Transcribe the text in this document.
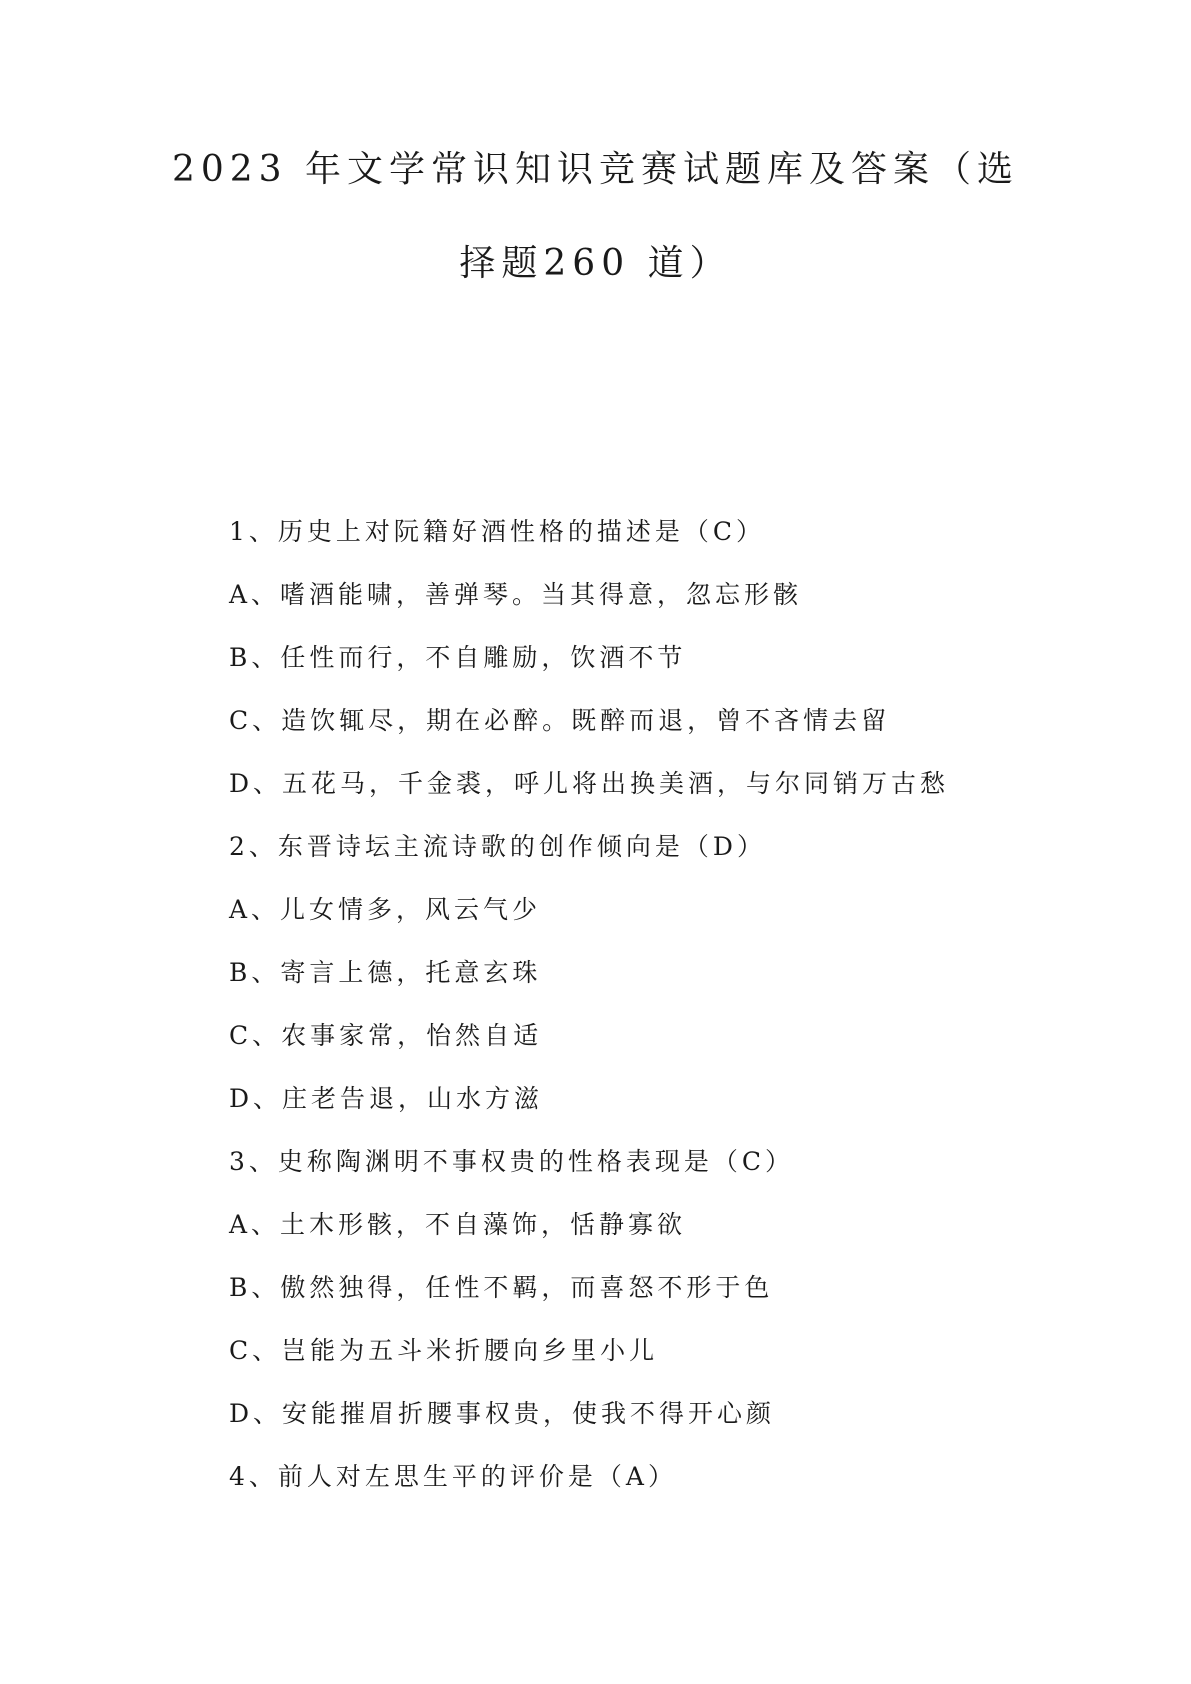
2023 年文学常识知识竞赛试题库及答案（选
择题260 道）
1、历史上对阮籍好酒性格的描述是（C）
A、嗜酒能啸，善弹琴。当其得意，忽忘形骸
B、任性而行，不自雕励，饮酒不节
C、造饮辄尽，期在必醉。既醉而退，曾不吝情去留
D、五花马，千金裘，呼儿将出换美酒，与尔同销万古愁
2、东晋诗坛主流诗歌的创作倾向是（D）
A、儿女情多，风云气少
B、寄言上德，托意玄珠
C、农事家常，怡然自适
D、庄老告退，山水方滋
3、史称陶渊明不事权贵的性格表现是（C）
A、土木形骸，不自藻饰，恬静寡欲
B、傲然独得，任性不羁，而喜怒不形于色
C、岂能为五斗米折腰向乡里小儿
D、安能摧眉折腰事权贵，使我不得开心颜
4、前人对左思生平的评价是（A）
